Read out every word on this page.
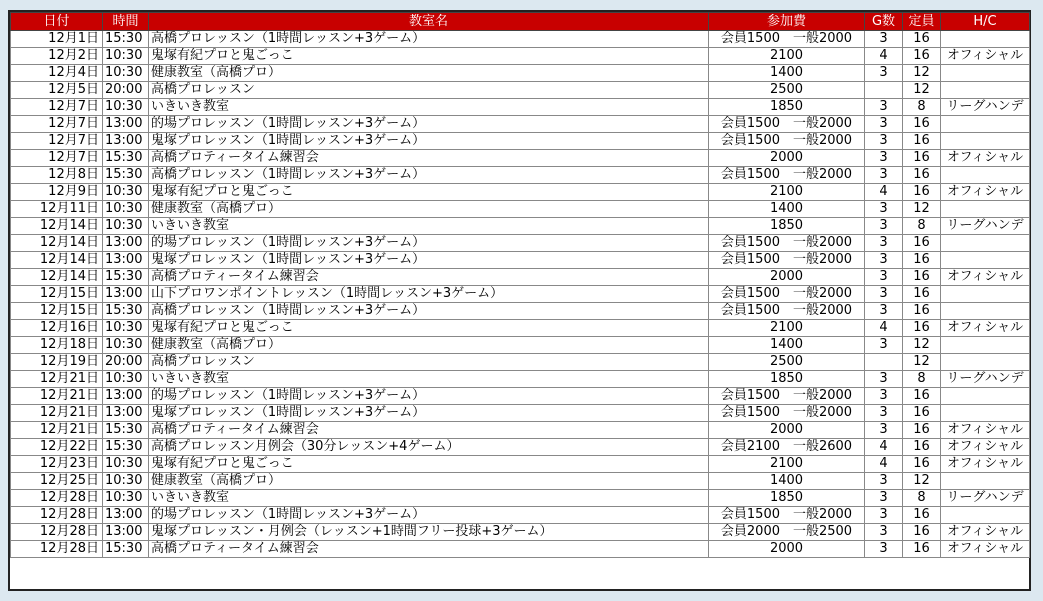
日付	時間	教室名	参加費	G数	定員	H/C
12月1日	15:30	高橋プロレッスン（1時間レッスン+3ゲーム）	会員1500　一般2000	3	16	
12月2日	10:30	鬼塚有紀プロと鬼ごっこ	2100	4	16	オフィシャル
12月4日	10:30	健康教室（高橋プロ）	1400	3	12	
12月5日	20:00	高橋プロレッスン	2500		12	
12月7日	10:30	いきいき教室	1850	3	8	リーグハンデ
12月7日	13:00	的場プロレッスン（1時間レッスン+3ゲーム）	会員1500　一般2000	3	16	
12月7日	13:00	鬼塚プロレッスン（1時間レッスン+3ゲーム）	会員1500　一般2000	3	16	
12月7日	15:30	高橋プロティータイム練習会	2000	3	16	オフィシャル
12月8日	15:30	高橋プロレッスン（1時間レッスン+3ゲーム）	会員1500　一般2000	3	16	
12月9日	10:30	鬼塚有紀プロと鬼ごっこ	2100	4	16	オフィシャル
12月11日	10:30	健康教室（高橋プロ）	1400	3	12	
12月14日	10:30	いきいき教室	1850	3	8	リーグハンデ
12月14日	13:00	的場プロレッスン（1時間レッスン+3ゲーム）	会員1500　一般2000	3	16	
12月14日	13:00	鬼塚プロレッスン（1時間レッスン+3ゲーム）	会員1500　一般2000	3	16	
12月14日	15:30	高橋プロティータイム練習会	2000	3	16	オフィシャル
12月15日	13:00	山下プロワンポイントレッスン（1時間レッスン+3ゲーム）	会員1500　一般2000	3	16	
12月15日	15:30	高橋プロレッスン（1時間レッスン+3ゲーム）	会員1500　一般2000	3	16	
12月16日	10:30	鬼塚有紀プロと鬼ごっこ	2100	4	16	オフィシャル
12月18日	10:30	健康教室（高橋プロ）	1400	3	12	
12月19日	20:00	高橋プロレッスン	2500		12	
12月21日	10:30	いきいき教室	1850	3	8	リーグハンデ
12月21日	13:00	的場プロレッスン（1時間レッスン+3ゲーム）	会員1500　一般2000	3	16	
12月21日	13:00	鬼塚プロレッスン（1時間レッスン+3ゲーム）	会員1500　一般2000	3	16	
12月21日	15:30	高橋プロティータイム練習会	2000	3	16	オフィシャル
12月22日	15:30	高橋プロレッスン月例会（30分レッスン+4ゲーム）	会員2100　一般2600	4	16	オフィシャル
12月23日	10:30	鬼塚有紀プロと鬼ごっこ	2100	4	16	オフィシャル
12月25日	10:30	健康教室（高橋プロ）	1400	3	12	
12月28日	10:30	いきいき教室	1850	3	8	リーグハンデ
12月28日	13:00	的場プロレッスン（1時間レッスン+3ゲーム）	会員1500　一般2000	3	16	
12月28日	13:00	鬼塚プロレッスン・月例会（レッスン+1時間フリー投球+3ゲーム）	会員2000　一般2500	3	16	オフィシャル
12月28日	15:30	高橋プロティータイム練習会	2000	3	16	オフィシャル
